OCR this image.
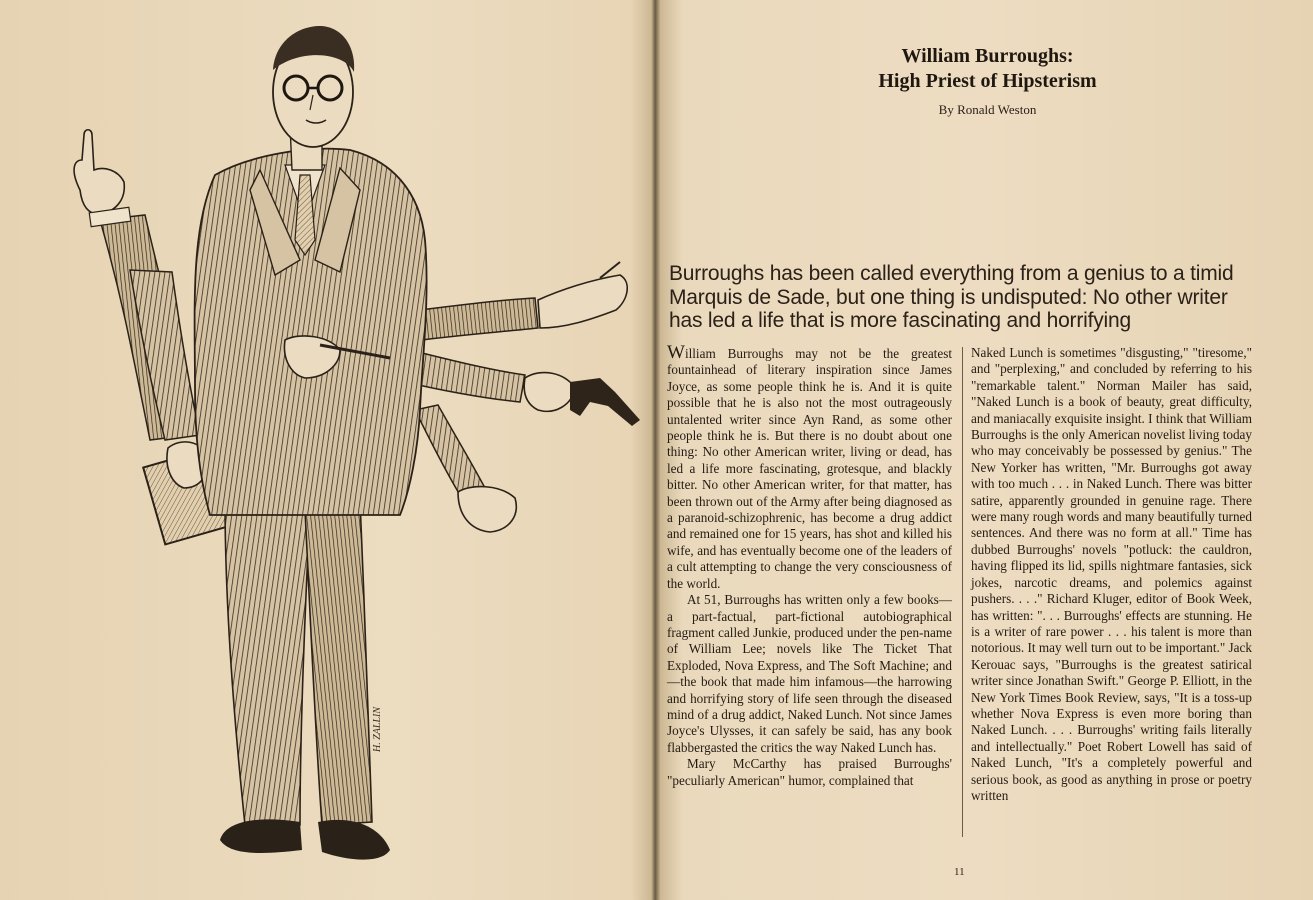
H. ZALLIN
William Burroughs:
High Priest of Hipsterism
By Ronald Weston
Burroughs has been called everything from a genius to a timid Marquis de Sade, but one thing is undisputed: No other writer has led a life that is more fascinating and horrifying

William Burroughs may not be the greatest fountainhead of literary inspiration since James Joyce, as some people think he is. And it is quite possible that he is also not the most outrageously untalented writer since Ayn Rand, as some other people think he is. But there is no doubt about one thing: No other American writer, living or dead, has led a life more fascinating, grotesque, and blackly bitter. No other American writer, for that matter, has been thrown out of the Army after being diagnosed as a paranoid-schizophrenic, has become a drug addict and remained one for 15 years, has shot and killed his wife, and has eventually become one of the leaders of a cult attempting to change the very consciousness of the world.

At 51, Burroughs has written only a few books—a part-factual, part-fictional autobiographical fragment called Junkie, produced under the pen-name of William Lee; novels like The Ticket That Exploded, Nova Express, and The Soft Machine; and—the book that made him infamous—the harrowing and horrifying story of life seen through the diseased mind of a drug addict, Naked Lunch. Not since James Joyce's Ulysses, it can safely be said, has any book flabbergasted the critics the way Naked Lunch has.

Mary McCarthy has praised Burroughs' "peculiarly American" humor, complained that

Naked Lunch is sometimes "disgusting," "tiresome," and "perplexing," and concluded by referring to his "remarkable talent." Norman Mailer has said, "Naked Lunch is a book of beauty, great difficulty, and maniacally exquisite insight. I think that William Burroughs is the only American novelist living today who may conceivably be possessed by genius." The New Yorker has written, "Mr. Burroughs got away with too much . . . in Naked Lunch. There was bitter satire, apparently grounded in genuine rage. There were many rough words and many beautifully turned sentences. And there was no form at all." Time has dubbed Burroughs' novels "potluck: the cauldron, having flipped its lid, spills nightmare fantasies, sick jokes, narcotic dreams, and polemics against pushers. . . ." Richard Kluger, editor of Book Week, has written: ". . . Burroughs' effects are stunning. He is a writer of rare power . . . his talent is more than notorious. It may well turn out to be important." Jack Kerouac says, "Burroughs is the greatest satirical writer since Jonathan Swift." George P. Elliott, in the New York Times Book Review, says, "It is a toss-up whether Nova Express is even more boring than Naked Lunch. . . . Burroughs' writing fails literally and intellectually." Poet Robert Lowell has said of Naked Lunch, "It's a completely powerful and serious book, as good as anything in prose or poetry written

11
